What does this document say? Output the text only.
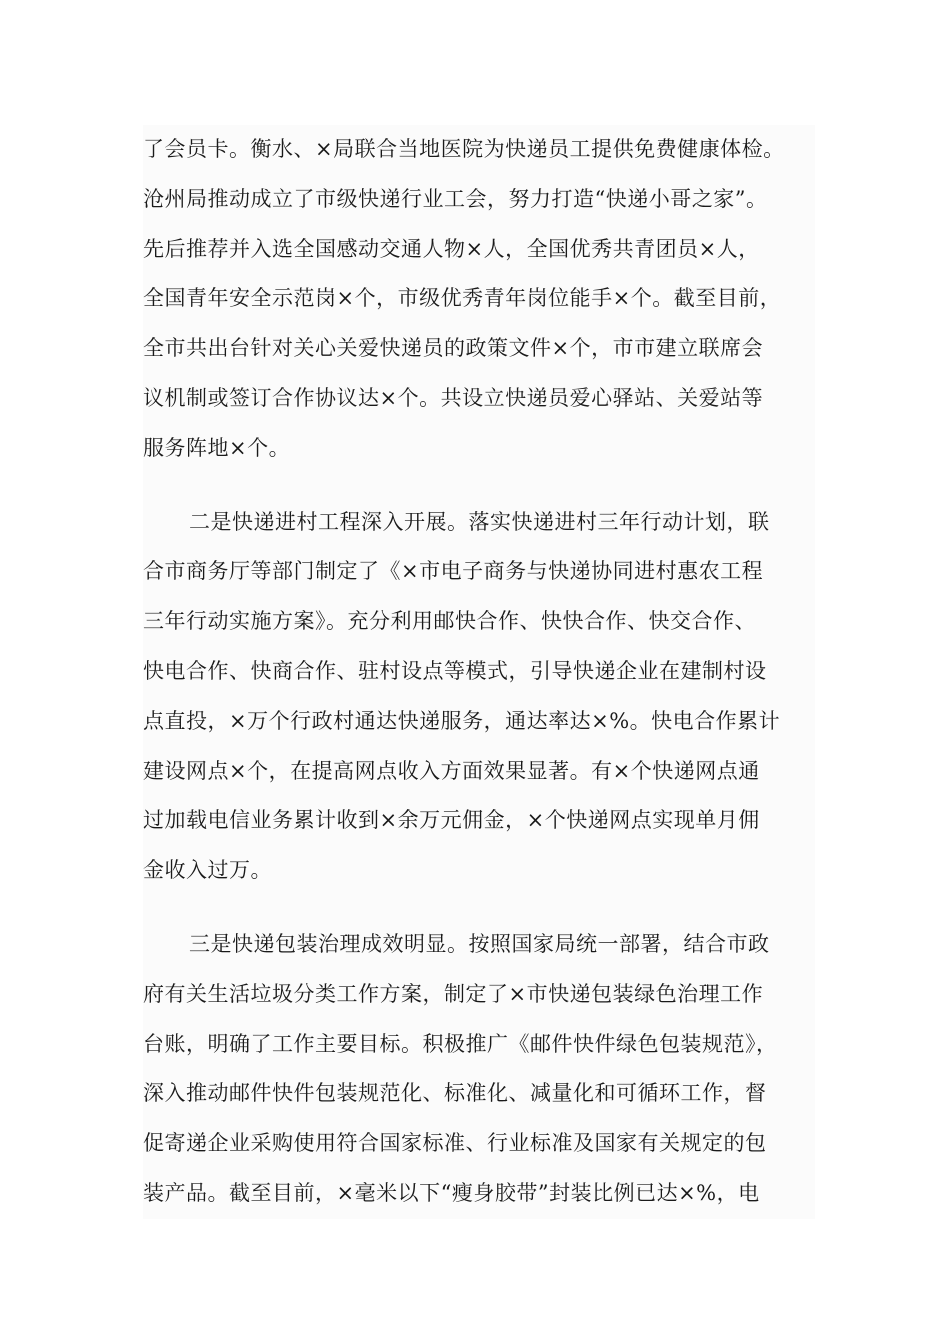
了会员卡。衡水、×局联合当地医院为快递员工提供免费健康体检。
沧州局推动成立了市级快递行业工会，努力打造“快递小哥之家”。
先后推荐并入选全国感动交通人物×人，全国优秀共青团员×人，
全国青年安全示范岗×个，市级优秀青年岗位能手×个。截至目前，
全市共出台针对关心关爱快递员的政策文件×个，市市建立联席会
议机制或签订合作协议达×个。共设立快递员爱心驿站、关爱站等
服务阵地×个。
二是快递进村工程深入开展。落实快递进村三年行动计划，联
合市商务厅等部门制定了《×市电子商务与快递协同进村惠农工程
三年行动实施方案》。充分利用邮快合作、快快合作、快交合作、
快电合作、快商合作、驻村设点等模式，引导快递企业在建制村设
点直投，×万个行政村通达快递服务，通达率达×%。快电合作累计
建设网点×个，在提高网点收入方面效果显著。有×个快递网点通
过加载电信业务累计收到×余万元佣金，×个快递网点实现单月佣
金收入过万。
三是快递包装治理成效明显。按照国家局统一部署，结合市政
府有关生活垃圾分类工作方案，制定了×市快递包装绿色治理工作
台账，明确了工作主要目标。积极推广《邮件快件绿色包装规范》，
深入推动邮件快件包装规范化、标准化、减量化和可循环工作，督
促寄递企业采购使用符合国家标准、行业标准及国家有关规定的包
装产品。截至目前，×毫米以下“瘦身胶带”封装比例已达×%，电
